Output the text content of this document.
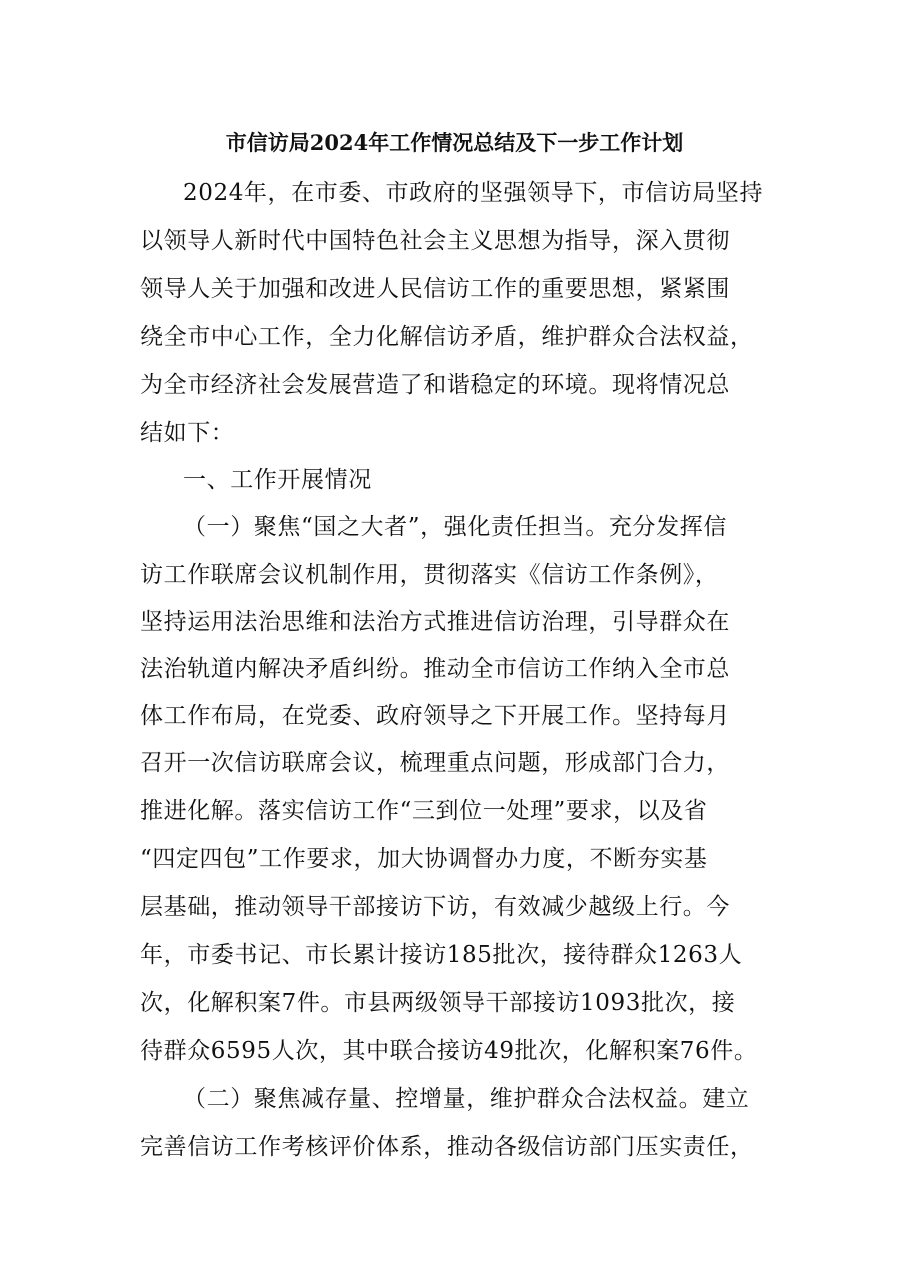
市信访局2024年工作情况总结及下一步工作计划
2024年，在市委、市政府的坚强领导下，市信访局坚持
以领导人新时代中国特色社会主义思想为指导，深入贯彻
领导人关于加强和改进人民信访工作的重要思想，紧紧围
绕全市中心工作，全力化解信访矛盾，维护群众合法权益，
为全市经济社会发展营造了和谐稳定的环境。现将情况总
结如下：
一、工作开展情况
（一）聚焦“国之大者”，强化责任担当。充分发挥信
访工作联席会议机制作用，贯彻落实《信访工作条例》，
坚持运用法治思维和法治方式推进信访治理，引导群众在
法治轨道内解决矛盾纠纷。推动全市信访工作纳入全市总
体工作布局，在党委、政府领导之下开展工作。坚持每月
召开一次信访联席会议，梳理重点问题，形成部门合力，
推进化解。落实信访工作“三到位一处理”要求，以及省
“四定四包”工作要求，加大协调督办力度，不断夯实基
层基础，推动领导干部接访下访，有效减少越级上行。今
年，市委书记、市长累计接访185批次，接待群众1263人
次，化解积案7件。市县两级领导干部接访1093批次，接
待群众6595人次，其中联合接访49批次，化解积案76件。
（二）聚焦减存量、控增量，维护群众合法权益。建立
完善信访工作考核评价体系，推动各级信访部门压实责任，
